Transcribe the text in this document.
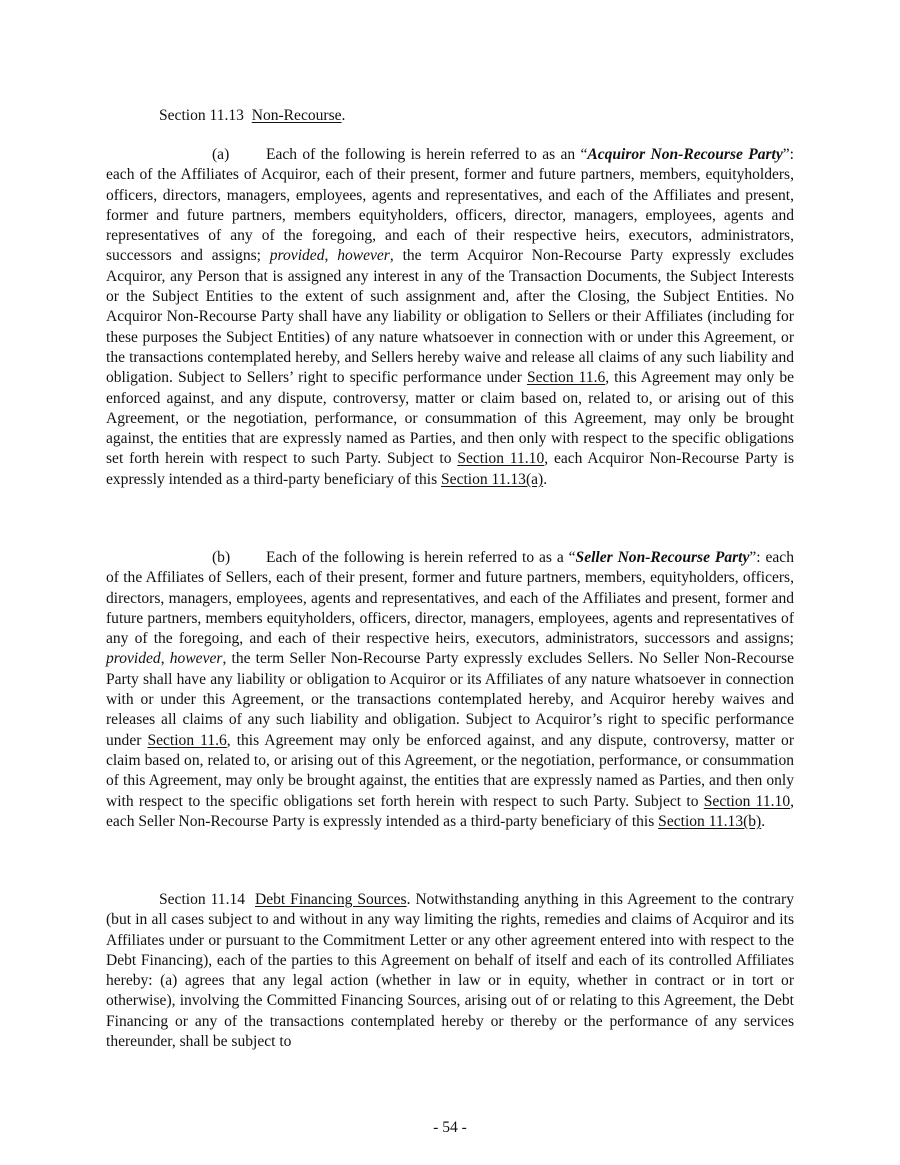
Section 11.13 Non-Recourse.

(a) Each of the following is herein referred to as an “Acquiror Non-Recourse Party”: each of the Affiliates of Acquiror, each of their present, former and future partners, members, equityholders, officers, directors, managers, employees, agents and representatives, and each of the Affiliates and present, former and future partners, members equityholders, officers, director, managers, employees, agents and representatives of any of the foregoing, and each of their respective heirs, executors, administrators, successors and assigns; provided, however, the term Acquiror Non-Recourse Party expressly excludes Acquiror, any Person that is assigned any interest in any of the Transaction Documents, the Subject Interests or the Subject Entities to the extent of such assignment and, after the Closing, the Subject Entities. No Acquiror Non-Recourse Party shall have any liability or obligation to Sellers or their Affiliates (including for these purposes the Subject Entities) of any nature whatsoever in connection with or under this Agreement, or the transactions contemplated hereby, and Sellers hereby waive and release all claims of any such liability and obligation. Subject to Sellers’ right to specific performance under Section 11.6, this Agreement may only be enforced against, and any dispute, controversy, matter or claim based on, related to, or arising out of this Agreement, or the negotiation, performance, or consummation of this Agreement, may only be brought against, the entities that are expressly named as Parties, and then only with respect to the specific obligations set forth herein with respect to such Party. Subject to Section 11.10, each Acquiror Non-Recourse Party is expressly intended as a third-party beneficiary of this Section 11.13(a).

(b) Each of the following is herein referred to as a “Seller Non-Recourse Party”: each of the Affiliates of Sellers, each of their present, former and future partners, members, equityholders, officers, directors, managers, employees, agents and representatives, and each of the Affiliates and present, former and future partners, members equityholders, officers, director, managers, employees, agents and representatives of any of the foregoing, and each of their respective heirs, executors, administrators, successors and assigns; provided, however, the term Seller Non-Recourse Party expressly excludes Sellers. No Seller Non-Recourse Party shall have any liability or obligation to Acquiror or its Affiliates of any nature whatsoever in connection with or under this Agreement, or the transactions contemplated hereby, and Acquiror hereby waives and releases all claims of any such liability and obligation. Subject to Acquiror’s right to specific performance under Section 11.6, this Agreement may only be enforced against, and any dispute, controversy, matter or claim based on, related to, or arising out of this Agreement, or the negotiation, performance, or consummation of this Agreement, may only be brought against, the entities that are expressly named as Parties, and then only with respect to the specific obligations set forth herein with respect to such Party. Subject to Section 11.10, each Seller Non-Recourse Party is expressly intended as a third-party beneficiary of this Section 11.13(b).

Section 11.14 Debt Financing Sources. Notwithstanding anything in this Agreement to the contrary (but in all cases subject to and without in any way limiting the rights, remedies and claims of Acquiror and its Affiliates under or pursuant to the Commitment Letter or any other agreement entered into with respect to the Debt Financing), each of the parties to this Agreement on behalf of itself and each of its controlled Affiliates hereby: (a) agrees that any legal action (whether in law or in equity, whether in contract or in tort or otherwise), involving the Committed Financing Sources, arising out of or relating to this Agreement, the Debt Financing or any of the transactions contemplated hereby or thereby or the performance of any services thereunder, shall be subject to

- 54 -
